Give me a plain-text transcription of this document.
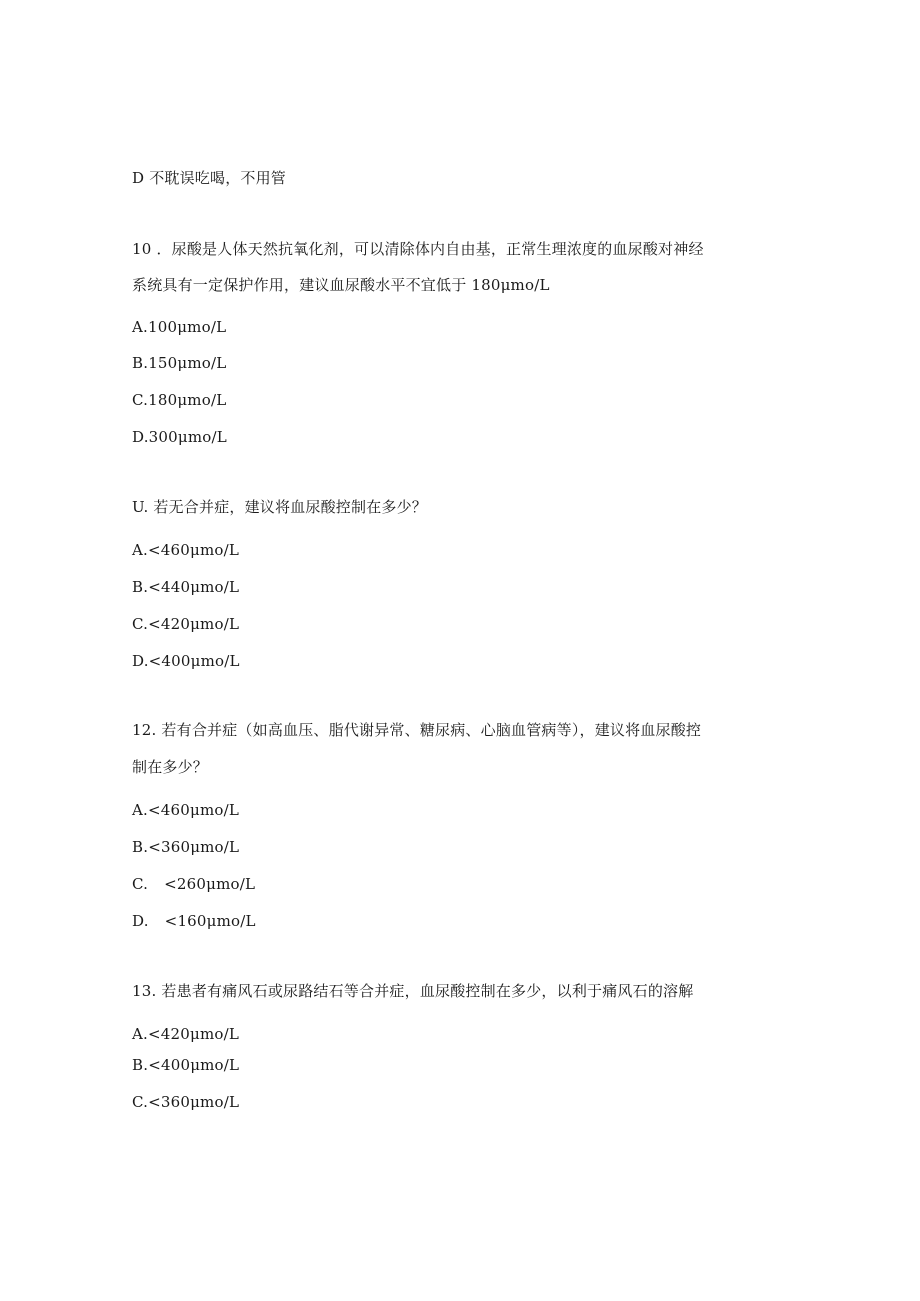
D 不耽误吃喝，不用管
10 ．尿酸是人体天然抗氧化剂，可以清除体内自由基，正常生理浓度的血尿酸对神经
系统具有一定保护作用，建议血尿酸水平不宜低于 180μmo∕L
A.100μmo∕L
B.150μmo∕L
C.180μmo∕L
D.300μmo∕L
U. 若无合并症，建议将血尿酸控制在多少？
A.<460μmo∕L
B.<440μmo∕L
C.<420μmo∕L
D.<400μmo∕L
12. 若有合并症（如高血压、脂代谢异常、糖尿病、心脑血管病等），建议将血尿酸控
制在多少？
A.<460μmo∕L
B.<360μmo∕L
C. <260μmo∕L
D. <160μmo∕L
13. 若患者有痛风石或尿路结石等合并症，血尿酸控制在多少，以利于痛风石的溶解
A.<420μmo∕L
B.<400μmo∕L
C.<360μmo∕L
